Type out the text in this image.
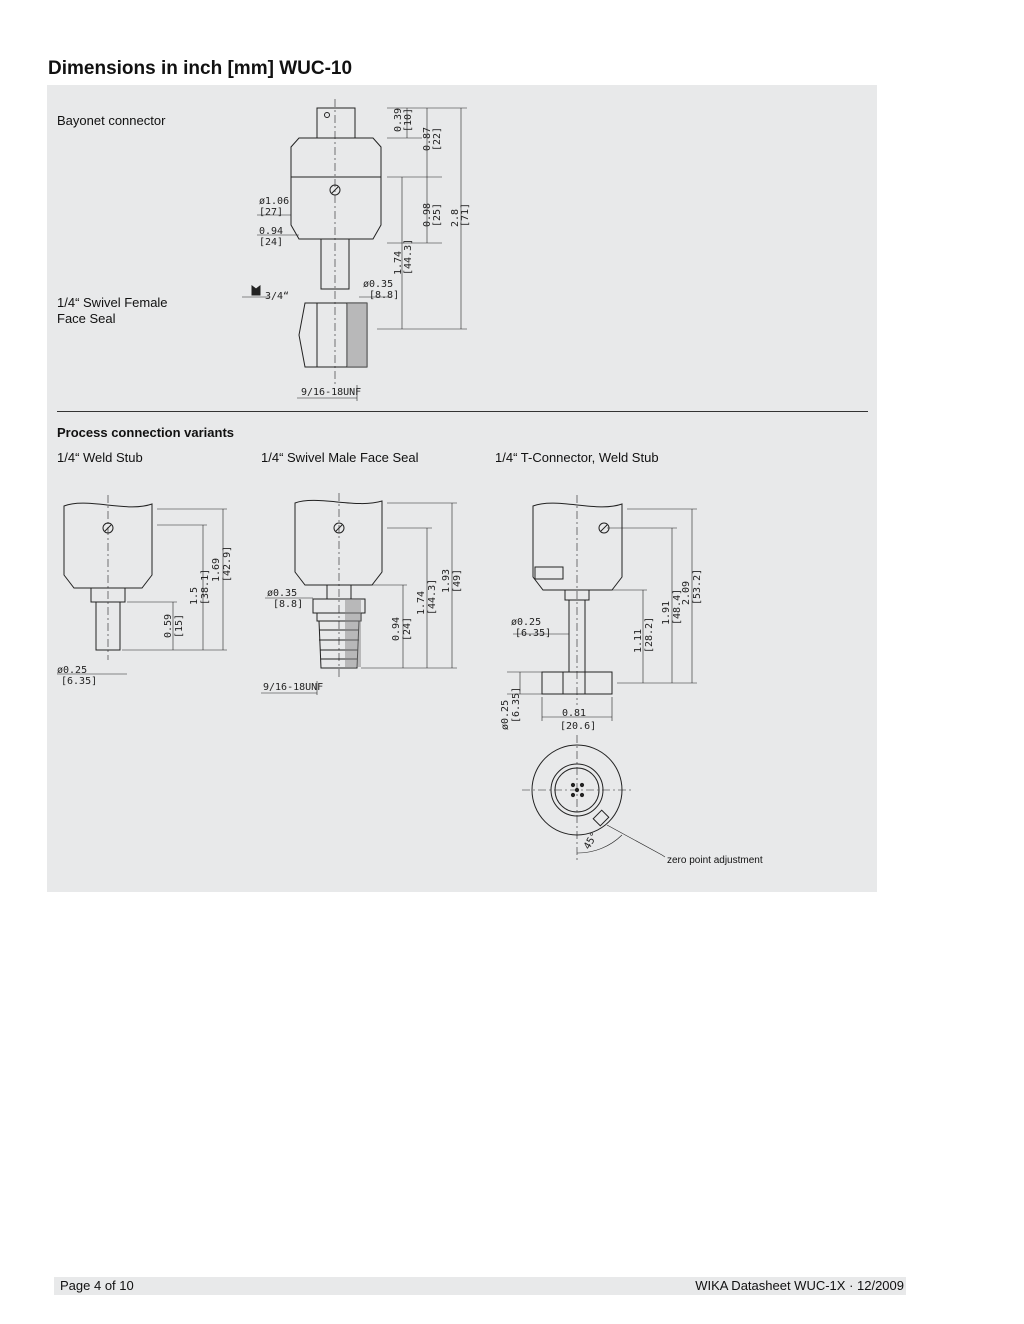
Dimensions in inch [mm] WUC-10
Bayonet connector
1/4“ Swivel Female
Face Seal
Process connection variants
1/4“ Weld Stub	1/4“ Swivel Male Face Seal	1/4“ T-Connector, Weld Stub
0.39 [10]
0.87 [22]
0.98 [25] 2.8 [71]
1.74 [44.3]
ø1.06
[27]
0.94
[24]
ø0.35
[8.8]
3/4“
9/16-18UNF
1.69 [42.9]
1.5 [38.1]
0.59 [15]
ø0.25
[6.35]
1.93 [49]
1.74 [44.3]
0.94 [24]
ø0.35
[8.8]
9/16-18UNF
2.09 [53.2]
1.91 [48.4]
1.11 [28.2]
ø0.25
[6.35]
ø0.25 [6.35]	0.81
[20.6]
45°
zero point adjustment
Page 4 of 10	WIKA Datasheet WUC-1X · 12/2009
